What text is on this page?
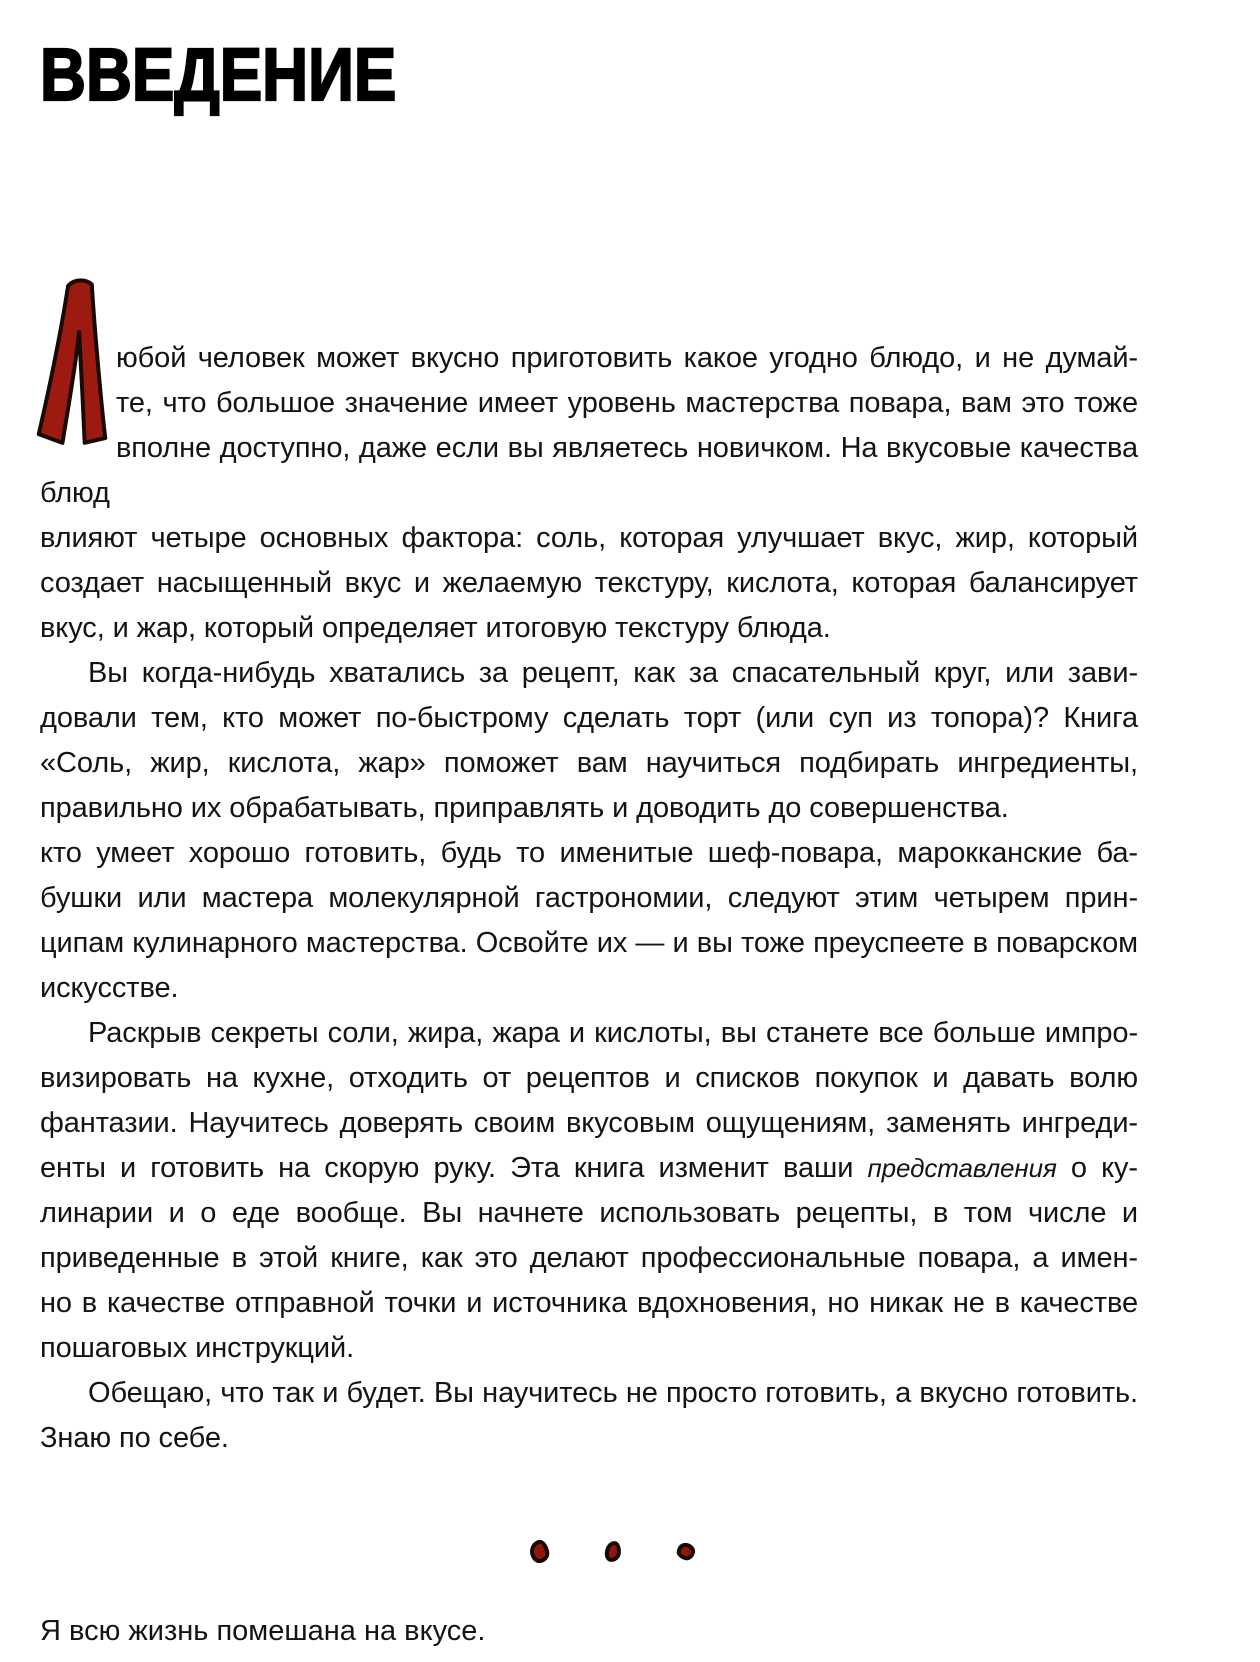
ВВЕДЕНИЕ
юбой человек может вкусно приготовить какое угодно блюдо, и не думай-
те, что большое значение имеет уровень мастерства повара, вам это тоже
вполне доступно, даже если вы являетесь новичком. На вкусовые качества блюд
влияют четыре основных фактора: соль, которая улучшает вкус, жир, который
создает насыщенный вкус и желаемую текстуру, кислота, которая балансирует
вкус, и жар, который определяет итоговую текстуру блюда.
Вы когда-нибудь хватались за рецепт, как за спасательный круг, или зави-
довали тем, кто может по-быстрому сделать торт (или суп из топора)? Книга
«Соль, жир, кислота, жар» поможет вам научиться подбирать ингредиенты,
правильно их обрабатывать, приправлять и доводить до совершенства.
кто умеет хорошо готовить, будь то именитые шеф-повара, марокканские ба-
бушки или мастера молекулярной гастрономии, следуют этим четырем прин-
ципам кулинарного мастерства. Освойте их — и вы тоже преуспеете в поварском
искусстве.
Раскрыв секреты соли, жира, жара и кислоты, вы станете все больше импро-
визировать на кухне, отходить от рецептов и списков покупок и давать волю
фантазии. Научитесь доверять своим вкусовым ощущениям, заменять ингреди-
енты и готовить на скорую руку. Эта книга изменит ваши представления о ку-
линарии и о еде вообще. Вы начнете использовать рецепты, в том числе и
приведенные в этой книге, как это делают профессиональные повара, а имен-
но в качестве отправной точки и источника вдохновения, но никак не в качестве
пошаговых инструкций.
Обещаю, что так и будет. Вы научитесь не просто готовить, а вкусно готовить.
Знаю по себе.
Я всю жизнь помешана на вкусе.
